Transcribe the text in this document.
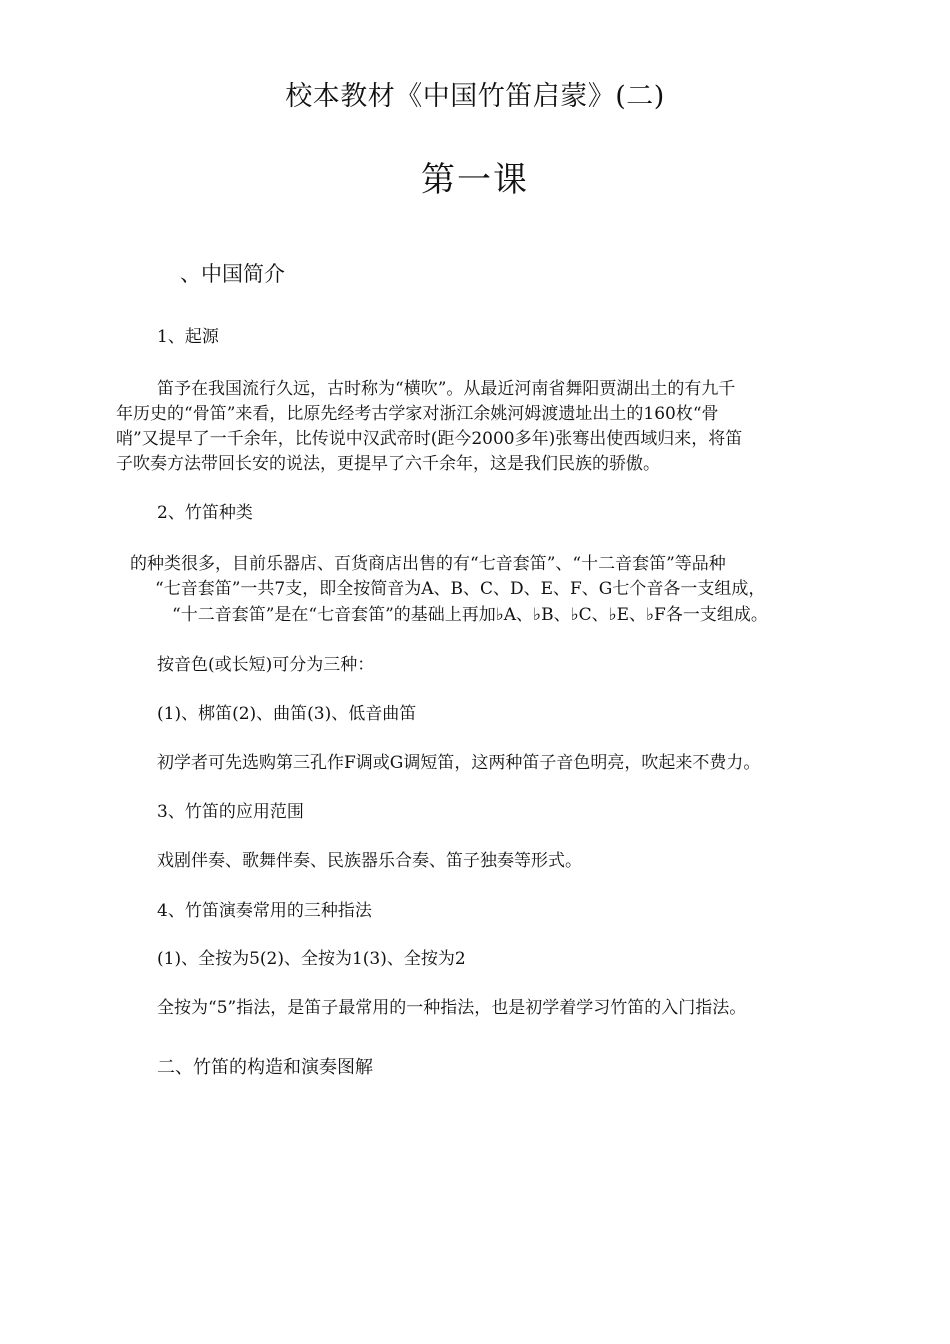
校本教材《中国竹笛启蒙》(二)

第一课

、中国简介

1、起源

笛予在我国流行久远，古时称为“横吹”。从最近河南省舞阳贾湖出土的有九千

年历史的“骨笛”来看，比原先经考古学家对浙江余姚河姆渡遗址出土的160枚“骨

哨”又提早了一千余年，比传说中汉武帝时(距今2000多年)张骞出使西域归来，将笛

子吹奏方法带回长安的说法，更提早了六千余年，这是我们民族的骄傲。

2、竹笛种类

的种类很多，目前乐器店、百货商店出售的有“七音套笛”、“十二音套笛”等品种

“七音套笛”一共7支，即全按简音为A、B、C、D、E、F、G七个音各一支组成，

“十二音套笛”是在“七音套笛”的基础上再加♭A、♭B、♭C、♭E、♭F各一支组成。

按音色(或长短)可分为三种：

(1)、梆笛(2)、曲笛(3)、低音曲笛

初学者可先选购第三孔作F调或G调短笛，这两种笛子音色明亮，吹起来不费力。

3、竹笛的应用范围

戏剧伴奏、歌舞伴奏、民族器乐合奏、笛子独奏等形式。

4、竹笛演奏常用的三种指法

(1)、全按为5(2)、全按为1(3)、全按为2

全按为“5”指法，是笛子最常用的一种指法，也是初学着学习竹笛的入门指法。

二、竹笛的构造和演奏图解
